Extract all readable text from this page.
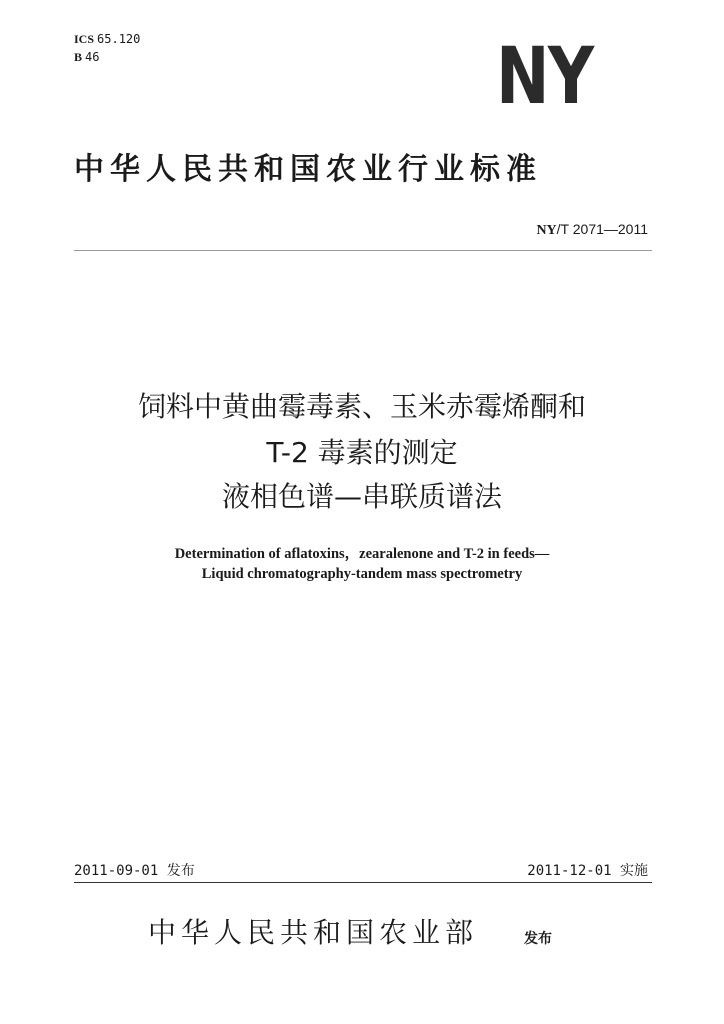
ICS 65.120
B 46	NY
中华人民共和国农业行业标准
NY/T 2071—2011
饲料中黄曲霉毒素、玉米赤霉烯酮和
T-2 毒素的测定
液相色谱—串联质谱法
Determination of aflatoxins，zearalenone and T-2 in feeds—
Liquid chromatography-tandem mass spectrometry
2011-09-01 发布	2011-12-01 实施
中华人民共和国农业部	发布
